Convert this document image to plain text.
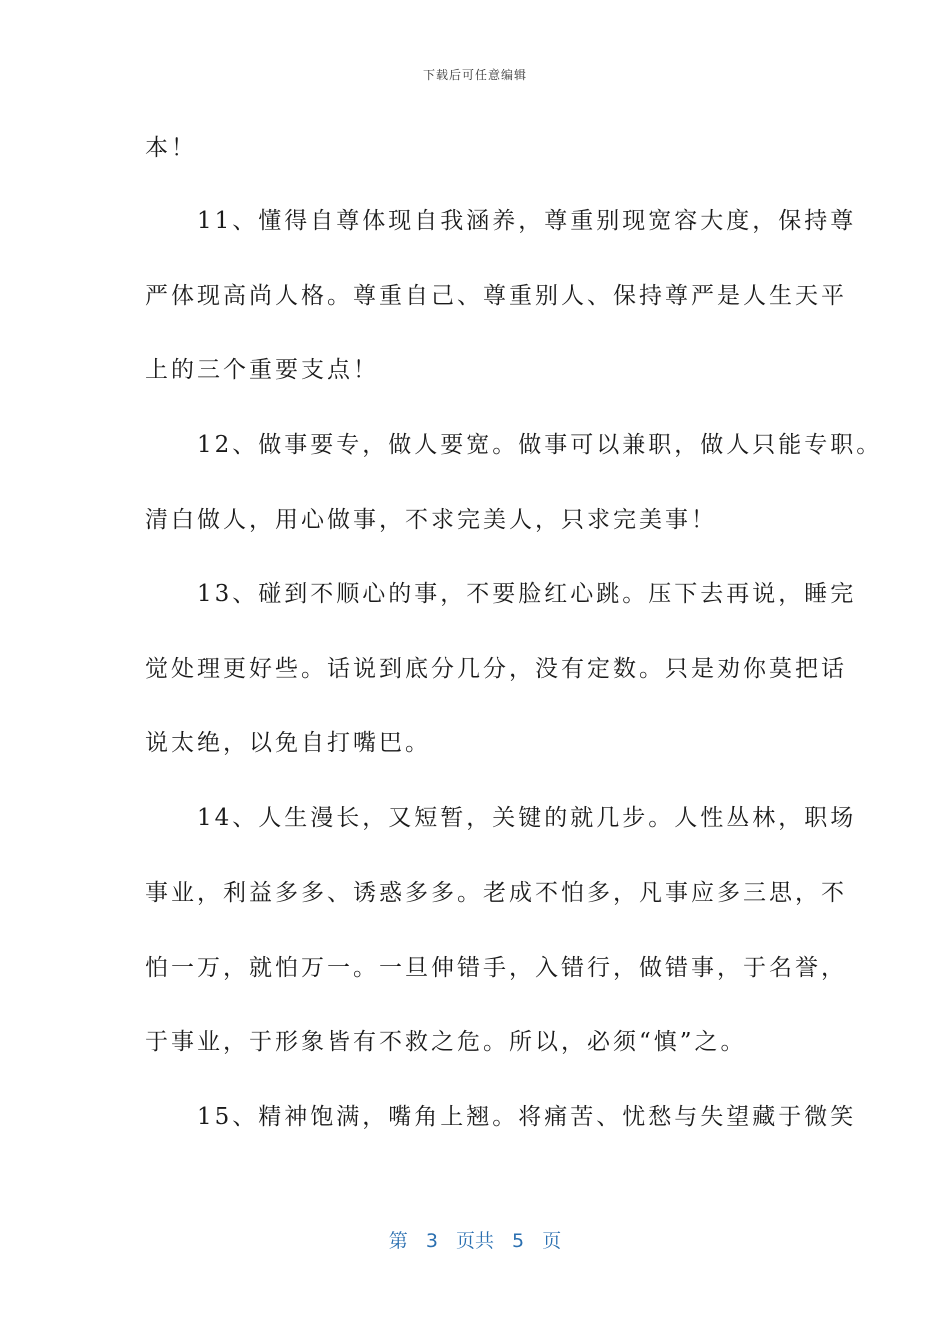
下载后可任意编辑
本！
　　11、懂得自尊体现自我涵养，尊重别现宽容大度，保持尊
严体现高尚人格。尊重自己、尊重别人、保持尊严是人生天平
上的三个重要支点！
　　12、做事要专，做人要宽。做事可以兼职，做人只能专职。
清白做人，用心做事，不求完美人，只求完美事！
　　13、碰到不顺心的事，不要脸红心跳。压下去再说，睡完
觉处理更好些。话说到底分几分，没有定数。只是劝你莫把话
说太绝，以免自打嘴巴。
　　14、人生漫长，又短暂，关键的就几步。人性丛林，职场
事业，利益多多、诱惑多多。老成不怕多，凡事应多三思，不
怕一万，就怕万一。一旦伸错手，入错行，做错事，于名誉，
于事业，于形象皆有不救之危。所以，必须“慎”之。
　　15、精神饱满，嘴角上翘。将痛苦、忧愁与失望藏于微笑
第 3 页共 5 页
